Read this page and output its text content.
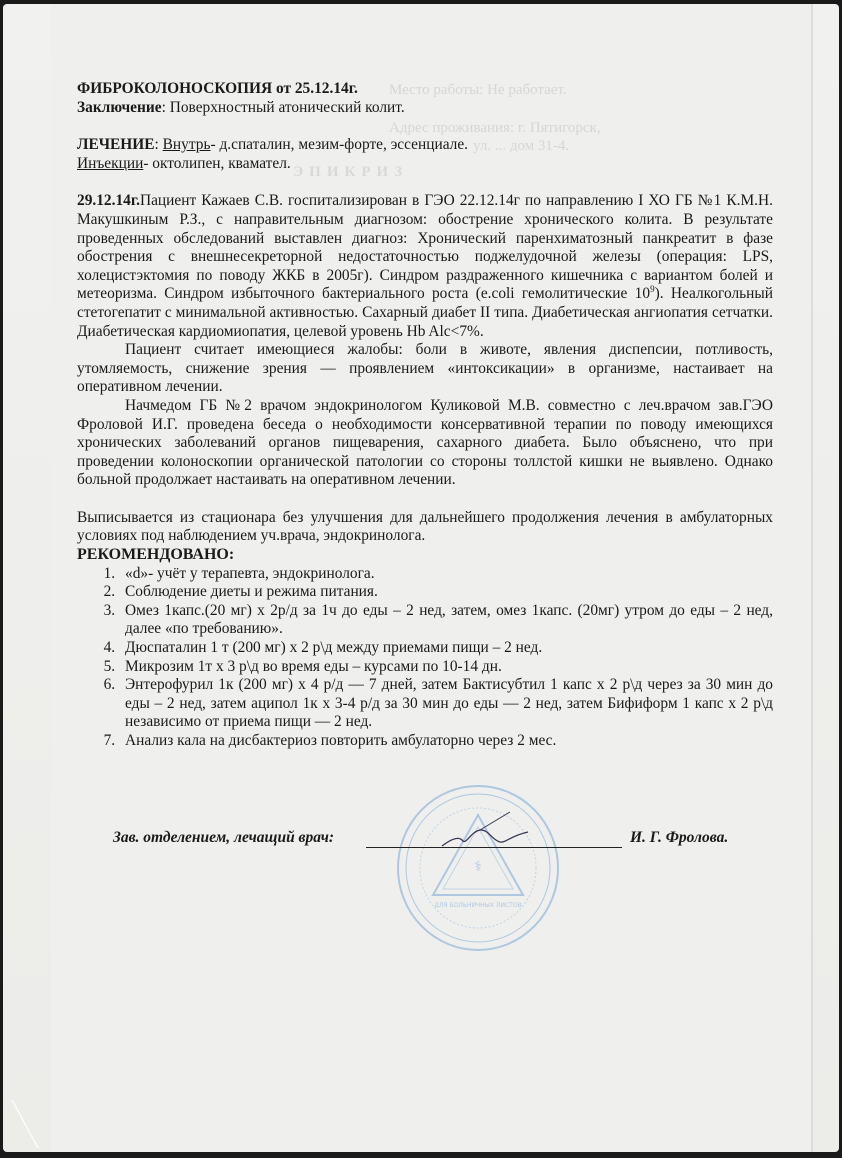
Место работы: Не работает.
Адрес проживания: г. Пятигорск,
ул. ... дом 31-4.
ЭПИКРИЗ

ФИБРОКОЛОНОСКОПИЯ от 25.12.14г.

Заключение: Поверхностный атонический колит.

ЛЕЧЕНИЕ: Внутрь- д.спаталин, мезим-форте, эссенциале.

Инъекции- октолипен, квамател.

29.12.14г.Пациент Кажаев С.В. госпитализирован в ГЭО 22.12.14г по направлению I ХО ГБ №1 К.М.Н. Макушкиным Р.З., с направительным диагнозом: обострение хронического колита. В результате проведенных обследований выставлен диагноз: Хронический паренхиматозный панкреатит в фазе обострения с внешнесекреторной недостаточностью поджелудочной железы (операция: LPS, холецистэктомия по поводу ЖКБ в 2005г). Синдром раздраженного кишечника с вариантом болей и метеоризма. Синдром избыточного бактериального роста (e.coli гемолитические $10^9$). Неалкогольный стетогепатит с минимальной активностью. Сахарный диабет II типа. Диабетическая ангиопатия сетчатки. Диабетическая кардиомиопатия, целевой уровень Hb Alc<7%.

Пациент считает имеющиеся жалобы: боли в животе, явления диспепсии, потливость, утомляемость, снижение зрения — проявлением «интоксикации» в организме, настаивает на оперативном лечении.

Начмедом ГБ №2 врачом эндокринологом Куликовой М.В. совместно с леч.врачом зав.ГЭО Фроловой И.Г. проведена беседа о необходимости консервативной терапии по поводу имеющихся хронических заболеваний органов пищеварения, сахарного диабета. Было объяснено, что при проведении колоноскопии органической патологии со стороны толлстой кишки не выявлено. Однако больной продолжает настаивать на оперативном лечении.

Выписывается из стационара без улучшения для дальнейшего продолжения лечения в амбулаторных условиях под наблюдением уч.врача, эндокринолога.

РЕКОМЕНДОВАНО:

1. «d»- учёт у терапевта, эндокринолога.
2. Соблюдение диеты и режима питания.
3. Омез 1капс.(20 мг) х 2р/д за 1ч до еды – 2 нед, затем, омез 1капс. (20мг) утром до еды – 2 нед, далее «по требованию».
4. Дюспаталин 1 т (200 мг) х 2 р\д между приемами пищи – 2 нед.
5. Микрозим 1т х 3 р\д во время еды – курсами по 10-14 дн.
6. Энтерофурил 1к (200 мг) х 4 р/д — 7 дней, затем Бактисубтил 1 капс х 2 р\д через за 30 мин до еды – 2 нед, затем аципол 1к х 3-4 р/д за 30 мин до еды — 2 нед, затем Бифиформ 1 капс х 2 р\д независимо от приема пищи — 2 нед.
7. Анализ кала на дисбактериоз повторить амбулаторно через 2 мес.
⚕
ДЛЯ БОЛЬНИЧНЫХ ЛИСТОВ
Зав. отделением, лечащий врач:	И. Г. Фролова.
